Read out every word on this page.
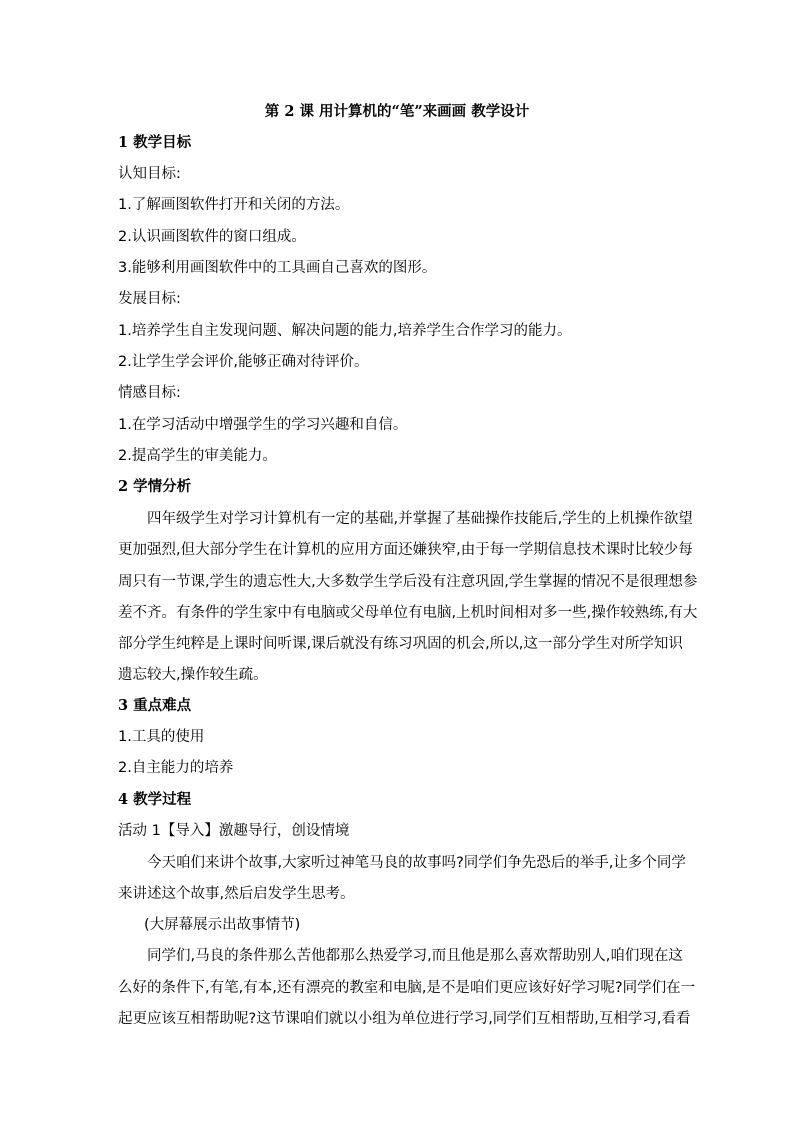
第 2 课 用计算机的“笔”来画画 教学设计
1 教学目标
认知目标:
1.了解画图软件打开和关闭的方法。
2.认识画图软件的窗口组成。
3.能够利用画图软件中的工具画自己喜欢的图形。
发展目标:
1.培养学生自主发现问题、解决问题的能力,培养学生合作学习的能力。
2.让学生学会评价,能够正确对待评价。
情感目标:
1.在学习活动中增强学生的学习兴趣和自信。
2.提高学生的审美能力。
2 学情分析
四年级学生对学习计算机有一定的基础,并掌握了基础操作技能后,学生的上机操作欲望
更加强烈,但大部分学生在计算机的应用方面还嫌狭窄,由于每一学期信息技术课时比较少每
周只有一节课,学生的遗忘性大,大多数学生学后没有注意巩固,学生掌握的情况不是很理想参
差不齐。有条件的学生家中有电脑或父母单位有电脑,上机时间相对多一些,操作较熟练,有大
部分学生纯粹是上课时间听课,课后就没有练习巩固的机会,所以,这一部分学生对所学知识
遗忘较大,操作较生疏。
3 重点难点
1.工具的使用
2.自主能力的培养
4 教学过程
活动 1【导入】激趣导行，创设情境
今天咱们来讲个故事,大家听过神笔马良的故事吗?同学们争先恐后的举手,让多个同学
来讲述这个故事,然后启发学生思考。
(大屏幕展示出故事情节)
同学们,马良的条件那么苦他都那么热爱学习,而且他是那么喜欢帮助别人,咱们现在这
么好的条件下,有笔,有本,还有漂亮的教室和电脑,是不是咱们更应该好好学习呢?同学们在一
起更应该互相帮助呢?这节课咱们就以小组为单位进行学习,同学们互相帮助,互相学习,看看
